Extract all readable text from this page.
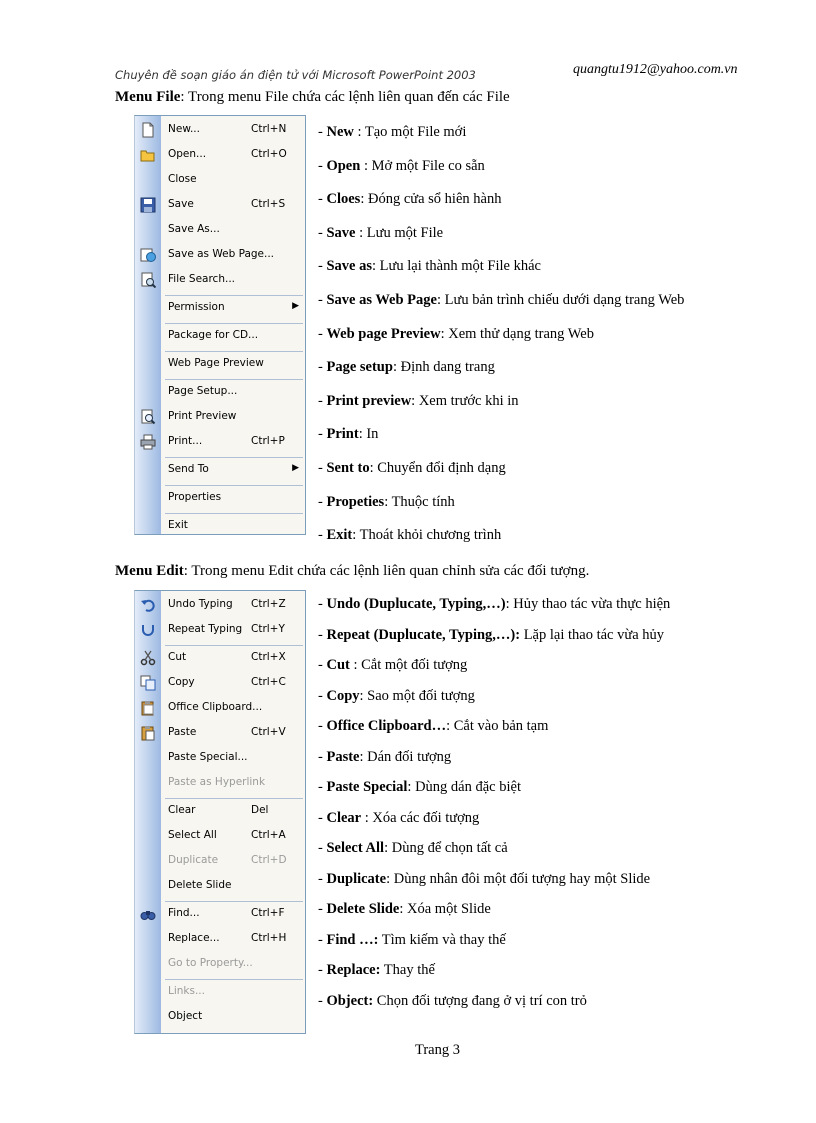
Chuyên đề soạn giáo án điện tử với Microsoft PowerPoint 2003	quangtu1912@yahoo.com.vn
Menu File: Trong menu File chứa các lệnh liên quan đến các File
New...	Ctrl+N
Open...	Ctrl+O
Close
Save	Ctrl+S
Save As...
Save as Web Page...
File Search...
Permission	▶
Package for CD...
Web Page Preview
Page Setup...
Print Preview
Print...	Ctrl+P
Send To	▶
Properties
Exit
Menu Edit: Trong menu Edit chứa các lệnh liên quan chỉnh sửa các đối tượng.
Undo Typing Ctrl+Z
Repeat Typing Ctrl+Y
Cut	Ctrl+X
Copy	Ctrl+C
Office Clipboard...
Paste	Ctrl+V
Paste Special...
Paste as Hyperlink
Clear	Del
Select All	Ctrl+A
Duplicate	Ctrl+D
Delete Slide
Find...	Ctrl+F
Replace...	Ctrl+H
Go to Property...
Links...
Object
- New : Tạo một File mới
- Open : Mở một File co sẵn
- Cloes: Đóng cửa sổ hiên hành
- Save : Lưu một File
- Save as: Lưu lại thành một File khác
- Save as Web Page: Lưu bản trình chiếu dưới dạng trang Web
- Web page Preview: Xem thử dạng trang Web
- Page setup: Định dang trang
- Print preview: Xem trước khi in
- Print: In
- Sent to: Chuyển đổi định dạng
- Propeties: Thuộc tính
- Exit: Thoát khỏi chương trình
- Undo (Duplucate, Typing,…): Hủy thao tác vừa thực hiện
- Repeat (Duplucate, Typing,…): Lặp lại thao tác vừa hủy
- Cut : Cắt một đối tượng
- Copy: Sao một đối tượng
- Office Clipboard…: Cắt vào bản tạm
- Paste: Dán đối tượng
- Paste Special: Dùng dán đặc biệt
- Clear : Xóa các đối tượng
- Select All: Dùng để chọn tất cả
- Duplicate: Dùng nhân đôi một đối tượng hay một Slide
- Delete Slide: Xóa một Slide
- Find …: Tìm kiếm và thay thế
- Replace: Thay thế
- Object: Chọn đối tượng đang ở vị trí con trỏ
Trang 3
